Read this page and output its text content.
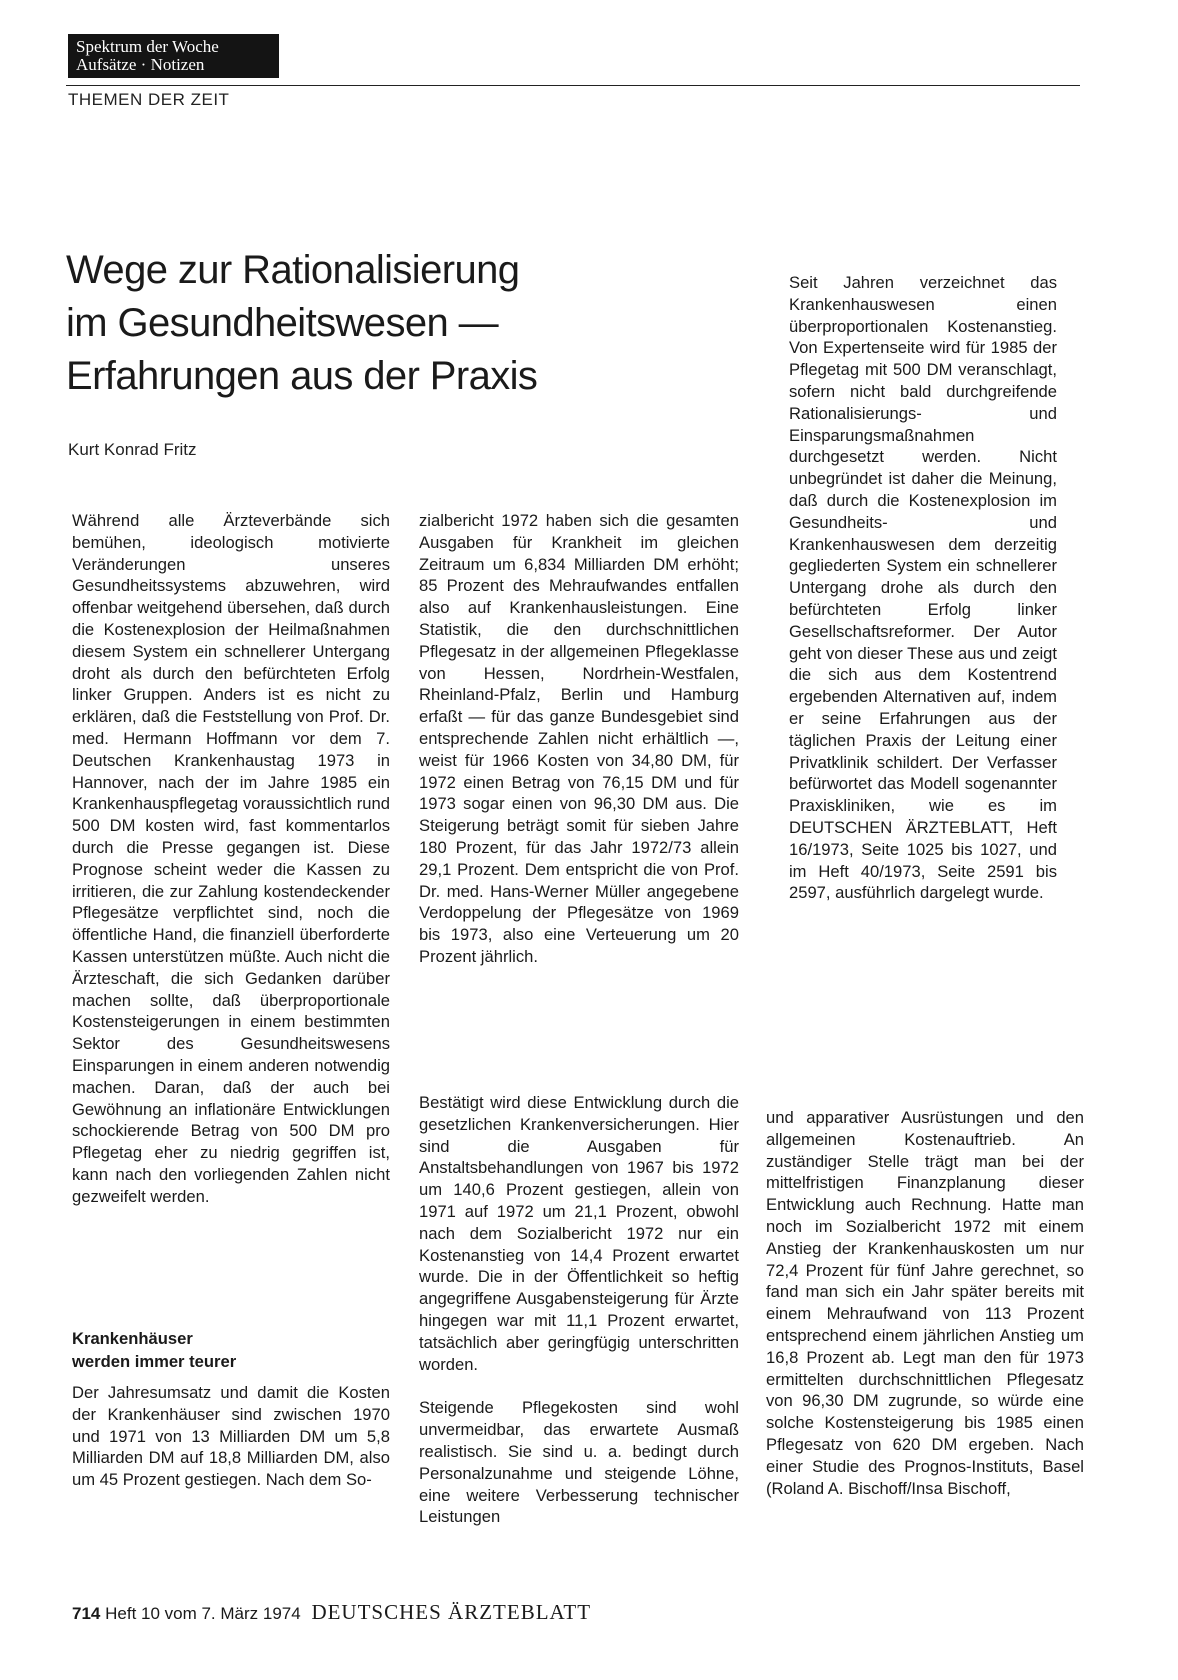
Spektrum der Woche
Aufsätze · Notizen
THEMEN DER ZEIT
Wege zur Rationalisierung
im Gesundheitswesen —
Erfahrungen aus der Praxis
Kurt Konrad Fritz

Seit Jahren verzeichnet das Krankenhauswesen einen überproportionalen Kostenanstieg. Von Expertenseite wird für 1985 der Pflegetag mit 500 DM veranschlagt, sofern nicht bald durchgreifende Rationalisierungs- und Einsparungsmaßnahmen durchgesetzt werden. Nicht unbegründet ist daher die Meinung, daß durch die Kostenexplosion im Gesundheits- und Krankenhauswesen dem derzeitig gegliederten System ein schnellerer Untergang drohe als durch den befürchteten Erfolg linker Gesellschaftsreformer. Der Autor geht von dieser These aus und zeigt die sich aus dem Kostentrend ergebenden Alternativen auf, indem er seine Erfahrungen aus der täglichen Praxis der Leitung einer Privatklinik schildert. Der Verfasser befürwortet das Modell sogenannter Praxiskliniken, wie es im DEUTSCHEN ÄRZTEBLATT, Heft 16/1973, Seite 1025 bis 1027, und im Heft 40/1973, Seite 2591 bis 2597, ausführlich dargelegt wurde.

Während alle Ärzteverbände sich bemühen, ideologisch motivierte Veränderungen unseres Gesundheitssystems abzuwehren, wird offenbar weitgehend übersehen, daß durch die Kostenexplosion der Heilmaßnahmen diesem System ein schnellerer Untergang droht als durch den befürchteten Erfolg linker Gruppen. Anders ist es nicht zu erklären, daß die Feststellung von Prof. Dr. med. Hermann Hoffmann vor dem 7. Deutschen Krankenhaustag 1973 in Hannover, nach der im Jahre 1985 ein Krankenhauspflegetag voraussichtlich rund 500 DM kosten wird, fast kommentarlos durch die Presse gegangen ist. Diese Prognose scheint weder die Kassen zu irritieren, die zur Zahlung kostendeckender Pflegesätze verpflichtet sind, noch die öffentliche Hand, die finanziell überforderte Kassen unterstützen müßte. Auch nicht die Ärzteschaft, die sich Gedanken darüber machen sollte, daß überproportionale Kostensteigerungen in einem bestimmten Sektor des Gesundheitswesens Einsparungen in einem anderen notwendig machen. Daran, daß der auch bei Gewöhnung an inflationäre Entwicklungen schockierende Betrag von 500 DM pro Pflegetag eher zu niedrig gegriffen ist, kann nach den vorliegenden Zahlen nicht gezweifelt werden.

Krankenhäuser
werden immer teurer

Der Jahresumsatz und damit die Kosten der Krankenhäuser sind zwischen 1970 und 1971 von 13 Milliarden DM um 5,8 Milliarden DM auf 18,8 Milliarden DM, also um 45 Prozent gestiegen. Nach dem So-

zialbericht 1972 haben sich die gesamten Ausgaben für Krankheit im gleichen Zeitraum um 6,834 Milliarden DM erhöht; 85 Prozent des Mehraufwandes entfallen also auf Krankenhausleistungen. Eine Statistik, die den durchschnittlichen Pflegesatz in der allgemeinen Pflegeklasse von Hessen, Nordrhein-Westfalen, Rheinland-Pfalz, Berlin und Hamburg erfaßt — für das ganze Bundesgebiet sind entsprechende Zahlen nicht erhältlich —, weist für 1966 Kosten von 34,80 DM, für 1972 einen Betrag von 76,15 DM und für 1973 sogar einen von 96,30 DM aus. Die Steigerung beträgt somit für sieben Jahre 180 Prozent, für das Jahr 1972/73 allein 29,1 Prozent. Dem entspricht die von Prof. Dr. med. Hans-Werner Müller angegebene Verdoppelung der Pflegesätze von 1969 bis 1973, also eine Verteuerung um 20 Prozent jährlich.

Bestätigt wird diese Entwicklung durch die gesetzlichen Krankenversicherungen. Hier sind die Ausgaben für Anstaltsbehandlungen von 1967 bis 1972 um 140,6 Prozent gestiegen, allein von 1971 auf 1972 um 21,1 Prozent, obwohl nach dem Sozialbericht 1972 nur ein Kostenanstieg von 14,4 Prozent erwartet wurde. Die in der Öffentlichkeit so heftig angegriffene Ausgabensteigerung für Ärzte hingegen war mit 11,1 Prozent erwartet, tatsächlich aber geringfügig unterschritten worden.

Steigende Pflegekosten sind wohl unvermeidbar, das erwartete Ausmaß realistisch. Sie sind u. a. bedingt durch Personalzunahme und steigende Löhne, eine weitere Verbesserung technischer Leistungen

und apparativer Ausrüstungen und den allgemeinen Kostenauftrieb. An zuständiger Stelle trägt man bei der mittelfristigen Finanzplanung dieser Entwicklung auch Rechnung. Hatte man noch im Sozialbericht 1972 mit einem Anstieg der Krankenhauskosten um nur 72,4 Prozent für fünf Jahre gerechnet, so fand man sich ein Jahr später bereits mit einem Mehraufwand von 113 Prozent entsprechend einem jährlichen Anstieg um 16,8 Prozent ab. Legt man den für 1973 ermittelten durchschnittlichen Pflegesatz von 96,30 DM zugrunde, so würde eine solche Kostensteigerung bis 1985 einen Pflegesatz von 620 DM ergeben. Nach einer Studie des Prognos-Instituts, Basel (Roland A. Bischoff/Insa Bischoff,

714 Heft 10 vom 7. März 1974 DEUTSCHES ÄRZTEBLATT
